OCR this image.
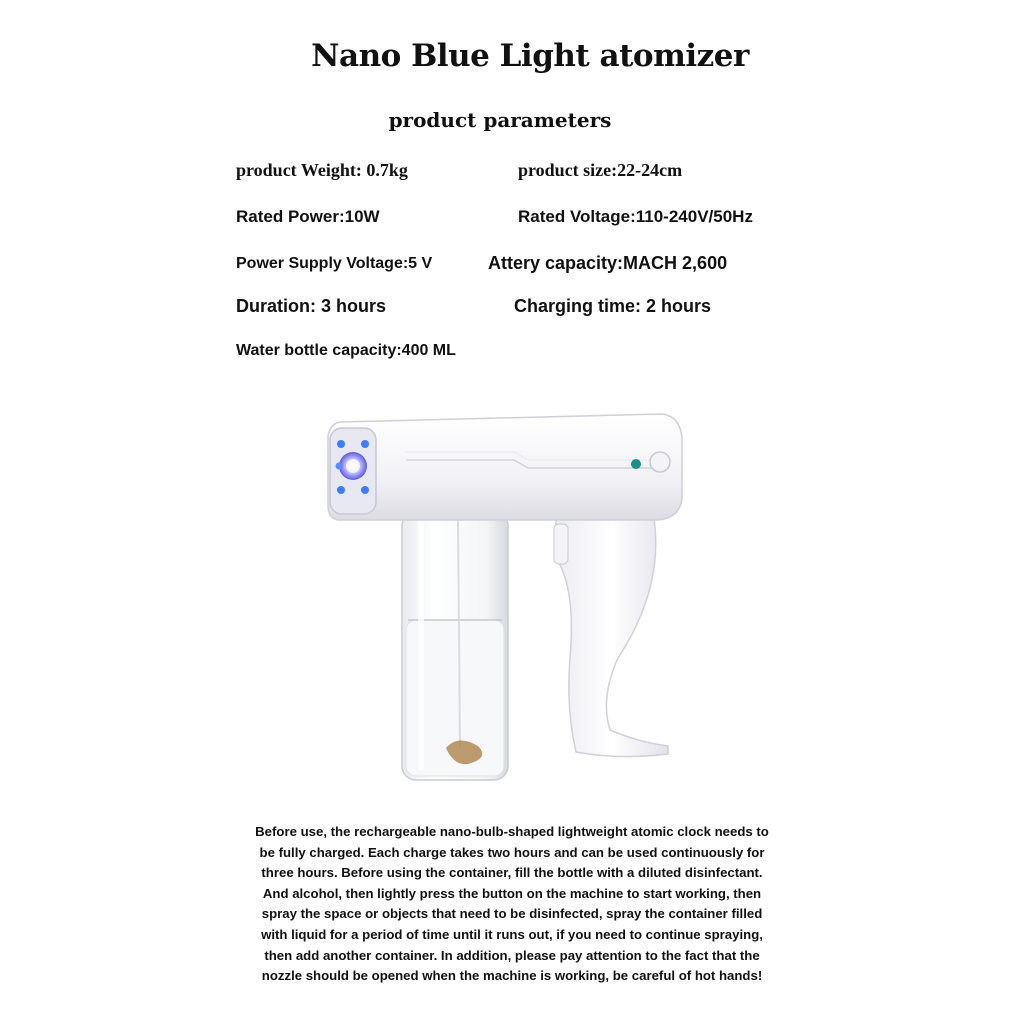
Nano Blue Light atomizer
product parameters
product Weight: 0.7kg	product size:22-24cm
Rated Power:10W	Rated Voltage:110-240V/50Hz
Power Supply Voltage:5 V	Attery capacity:MACH 2,600
Duration: 3 hours	Charging time: 2 hours
Water bottle capacity:400 ML
Before use, the rechargeable nano-bulb-shaped lightweight atomic clock needs to
be fully charged. Each charge takes two hours and can be used continuously for
three hours. Before using the container, fill the bottle with a diluted disinfectant.
And alcohol, then lightly press the button on the machine to start working, then
spray the space or objects that need to be disinfected, spray the container filled
with liquid for a period of time until it runs out, if you need to continue spraying,
then add another container. In addition, please pay attention to the fact that the
nozzle should be opened when the machine is working, be careful of hot hands!
